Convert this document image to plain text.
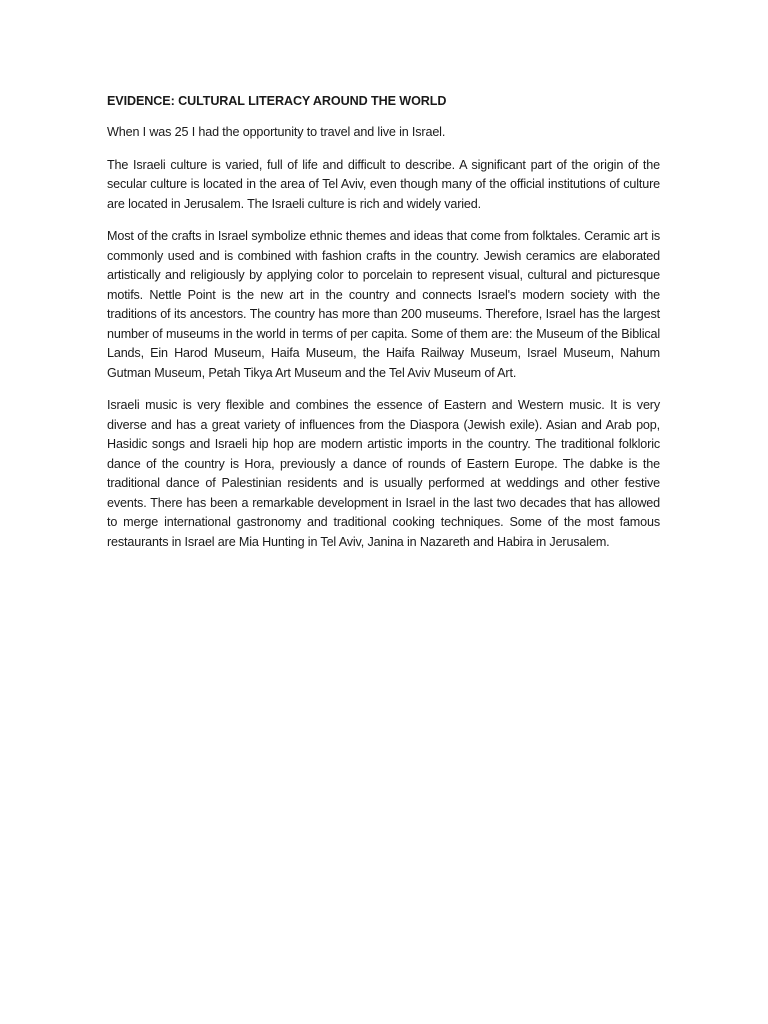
EVIDENCE: CULTURAL LITERACY AROUND THE WORLD

When I was 25 I had the opportunity to travel and live in Israel.

The Israeli culture is varied, full of life and difficult to describe. A significant part of the origin of the secular culture is located in the area of Tel Aviv, even though many of the official institutions of culture are located in Jerusalem. The Israeli culture is rich and widely varied.

Most of the crafts in Israel symbolize ethnic themes and ideas that come from folktales. Ceramic art is commonly used and is combined with fashion crafts in the country. Jewish ceramics are elaborated artistically and religiously by applying color to porcelain to represent visual, cultural and picturesque motifs. Nettle Point is the new art in the country and connects Israel's modern society with the traditions of its ancestors. The country has more than 200 museums. Therefore, Israel has the largest number of museums in the world in terms of per capita. Some of them are: the Museum of the Biblical Lands, Ein Harod Museum, Haifa Museum, the Haifa Railway Museum, Israel Museum, Nahum Gutman Museum, Petah Tikya Art Museum and the Tel Aviv Museum of Art.

Israeli music is very flexible and combines the essence of Eastern and Western music. It is very diverse and has a great variety of influences from the Diaspora (Jewish exile). Asian and Arab pop, Hasidic songs and Israeli hip hop are modern artistic imports in the country. The traditional folkloric dance of the country is Hora, previously a dance of rounds of Eastern Europe. The dabke is the traditional dance of Palestinian residents and is usually performed at weddings and other festive events. There has been a remarkable development in Israel in the last two decades that has allowed to merge international gastronomy and traditional cooking techniques. Some of the most famous restaurants in Israel are Mia Hunting in Tel Aviv, Janina in Nazareth and Habira in Jerusalem.
